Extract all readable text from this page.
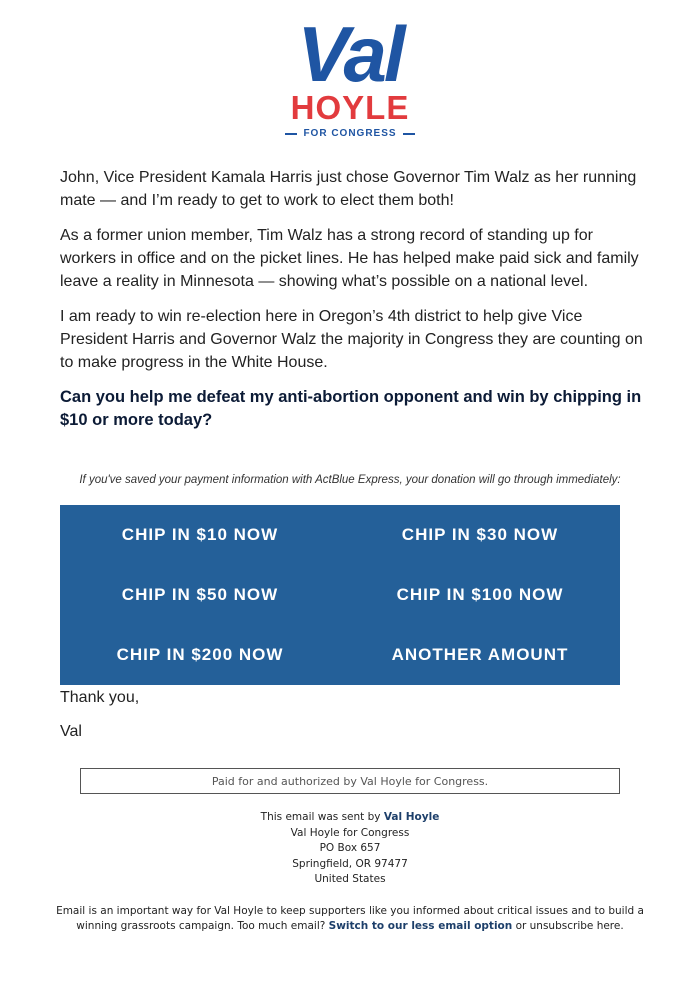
Val
HOYLE
FOR CONGRESS

John, Vice President Kamala Harris just chose Governor Tim Walz as her running mate — and I’m ready to get to work to elect them both!

As a former union member, Tim Walz has a strong record of standing up for workers in office and on the picket lines. He has helped make paid sick and family leave a reality in Minnesota — showing what’s possible on a national level.

I am ready to win re-election here in Oregon’s 4th district to help give Vice President Harris and Governor Walz the majority in Congress they are counting on to make progress in the White House.

Can you help me defeat my anti-abortion opponent and win by chipping in $10 or more today?

If you've saved your payment information with ActBlue Express, your donation will go through immediately:
CHIP IN $10 NOW	CHIP IN $30 NOW
CHIP IN $50 NOW	CHIP IN $100 NOW
CHIP IN $200 NOW	ANOTHER AMOUNT

Thank you,

Val

Paid for and authorized by Val Hoyle for Congress.
This email was sent by Val Hoyle
Val Hoyle for Congress
PO Box 657
Springfield, OR 97477
United States
Email is an important way for Val Hoyle to keep supporters like you informed about critical issues and to build a winning grassroots campaign. Too much email? Switch to our less email option or unsubscribe here.
